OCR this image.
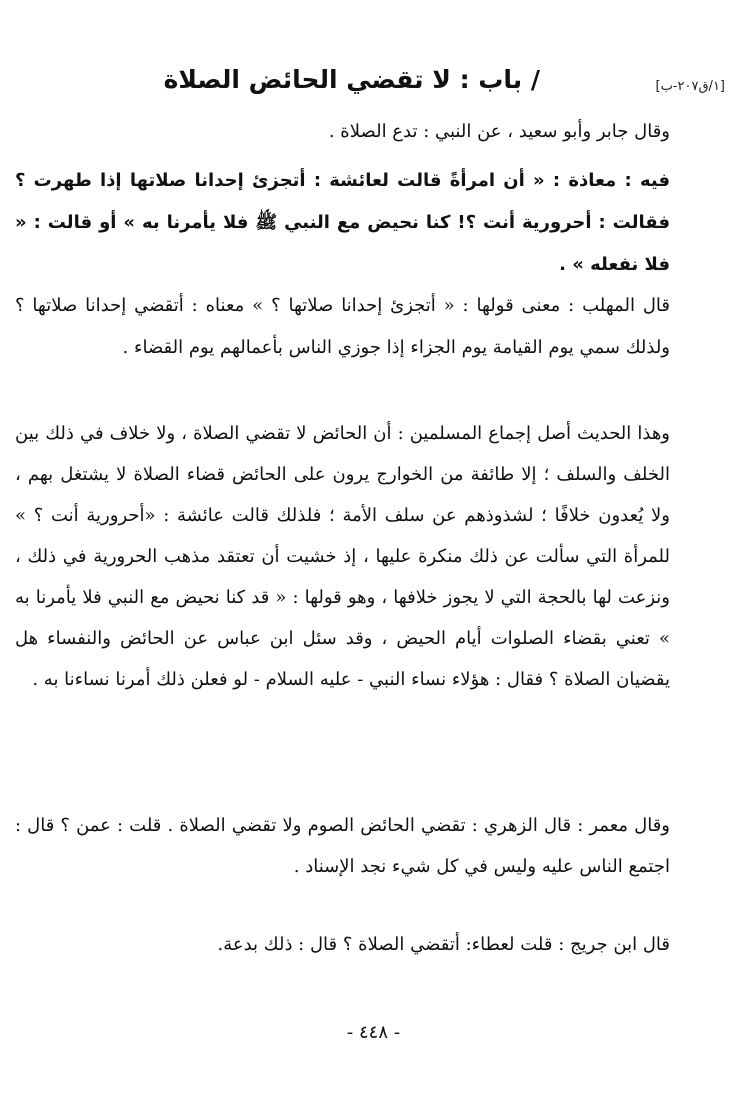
[١/ق٢٠٧-ب]
/ باب : لا تقضي الحائض الصلاة

وقال جابر وأبو سعيد ، عن النبي : تدع الصلاة .

فيه : معاذة : « أن امرأةً قالت لعائشة : أتجزئ إحدانا صلاتها إذا طهرت ؟ فقالت : أحرورية أنت ؟! كنا نحيض مع النبي ﷺ فلا يأمرنا به » أو قالت : « فلا نفعله » .

قال المهلب : معنى قولها : « أتجزئ إحدانا صلاتها ؟ » معناه : أتقضي إحدانا صلاتها ؟ ولذلك سمي يوم القيامة يوم الجزاء إذا جوزي الناس بأعمالهم يوم القضاء .

وهذا الحديث أصل إجماع المسلمين : أن الحائض لا تقضي الصلاة ، ولا خلاف في ذلك بين الخلف والسلف ؛ إلا طائفة من الخوارج يرون على الحائض قضاء الصلاة لا يشتغل بهم ، ولا يُعدون خلافًا ؛ لشذوذهم عن سلف الأمة ؛ فلذلك قالت عائشة : «أحرورية أنت ؟ » للمرأة التي سألت عن ذلك منكرة عليها ، إذ خشيت أن تعتقد مذهب الحرورية في ذلك ، ونزعت لها بالحجة التي لا يجوز خلافها ، وهو قولها : « قد كنا نحيض مع النبي فلا يأمرنا به » تعني بقضاء الصلوات أيام الحيض ، وقد سئل ابن عباس عن الحائض والنفساء هل يقضيان الصلاة ؟ فقال : هؤلاء نساء النبي - عليه السلام - لو فعلن ذلك أمرنا نساءنا به .

وقال معمر : قال الزهري : تقضي الحائض الصوم ولا تقضي الصلاة . قلت : عمن ؟ قال : اجتمع الناس عليه وليس في كل شيء نجد الإسناد .

قال ابن جريج : قلت لعطاء: أتقضي الصلاة ؟ قال : ذلك بدعة.

- ٤٤٨ -
